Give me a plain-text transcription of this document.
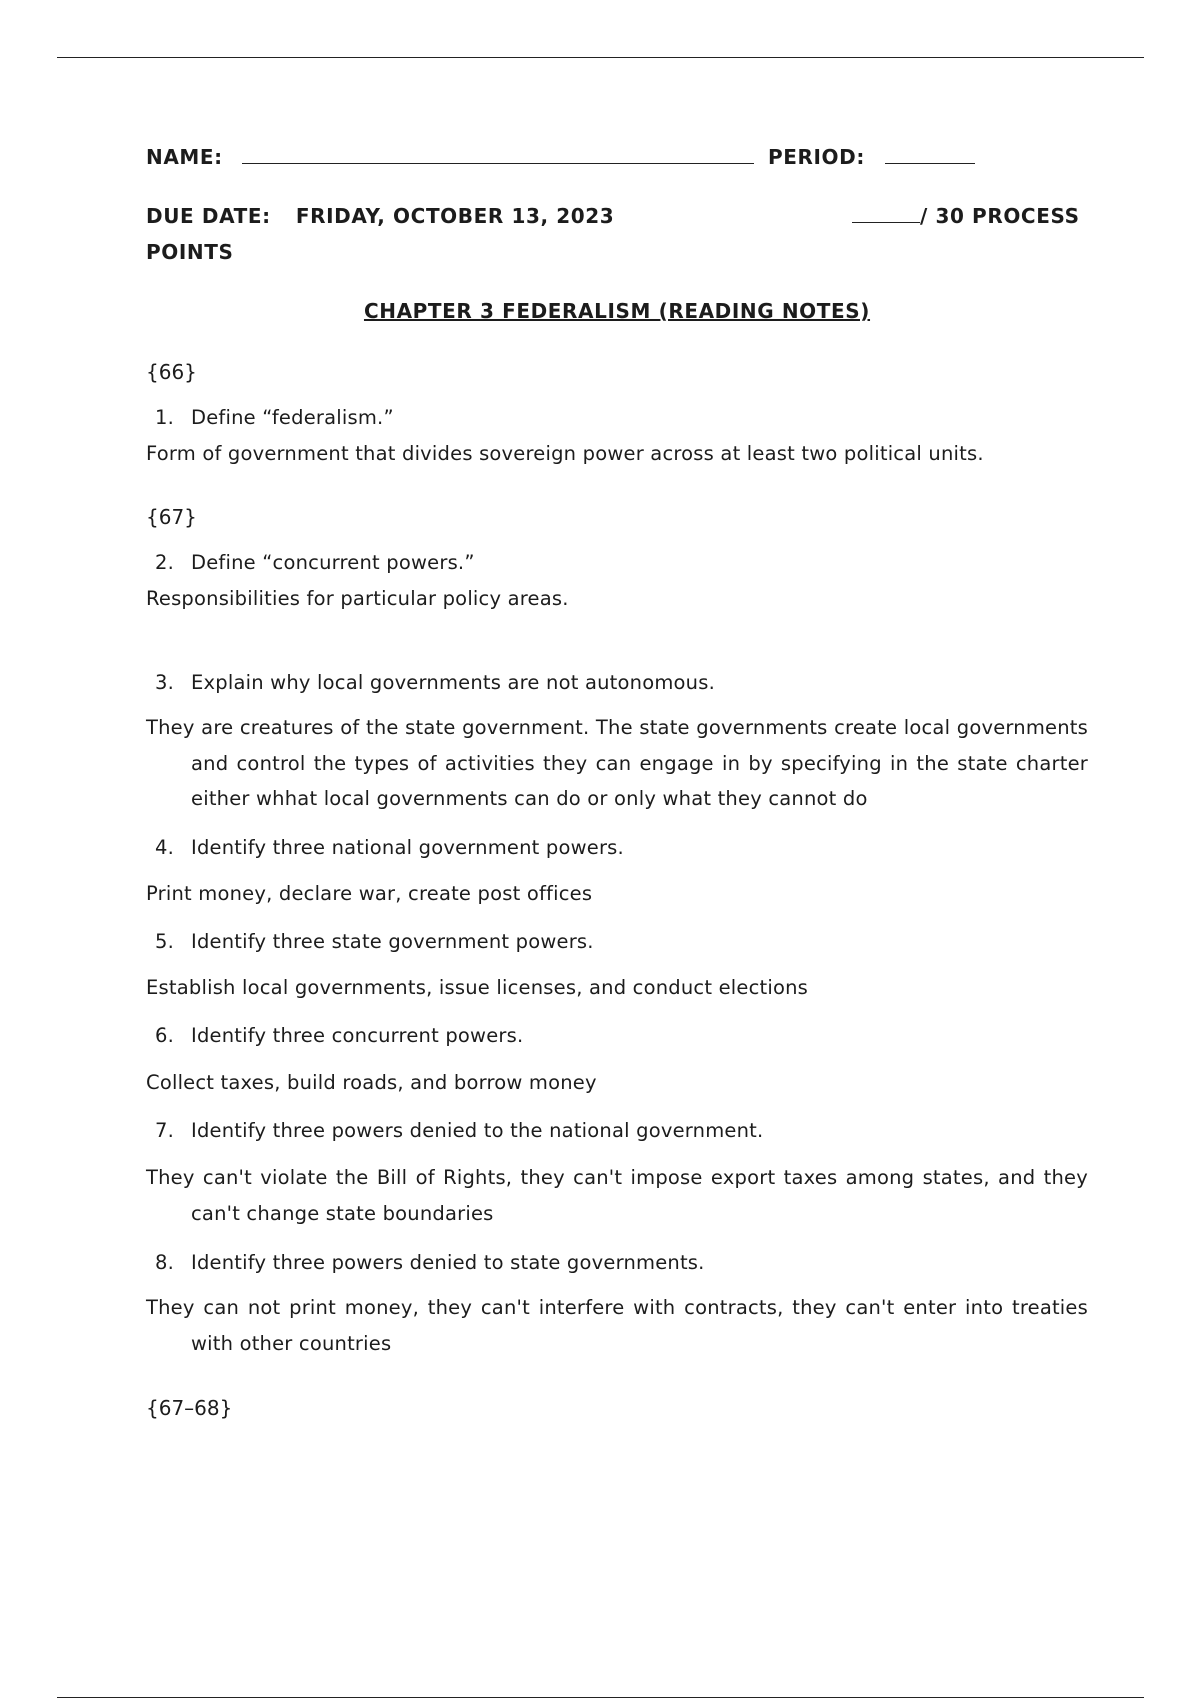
NAME:	PERIOD:
DUE DATE: FRIDAY, OCTOBER 13, 2023	/ 30 PROCESS
POINTS
CHAPTER 3 FEDERALISM (READING NOTES)
{66}
1. Define “federalism.”
Form of government that divides sovereign power across at least two political units.
{67}
2. Define “concurrent powers.”
Responsibilities for particular policy areas.
3. Explain why local governments are not autonomous.
They are creatures of the state government. The state governments create local governments and control the types of activities they can engage in by specifying in the state charter either whhat local governments can do or only what they cannot do
4. Identify three national government powers.
Print money, declare war, create post offices
5. Identify three state government powers.
Establish local governments, issue licenses, and conduct elections
6. Identify three concurrent powers.
Collect taxes, build roads, and borrow money
7. Identify three powers denied to the national government.
They can't violate the Bill of Rights, they can't impose export taxes among states, and they can't change state boundaries
8. Identify three powers denied to state governments.
They can not print money, they can't interfere with contracts, they can't enter into treaties with other countries
{67–68}
